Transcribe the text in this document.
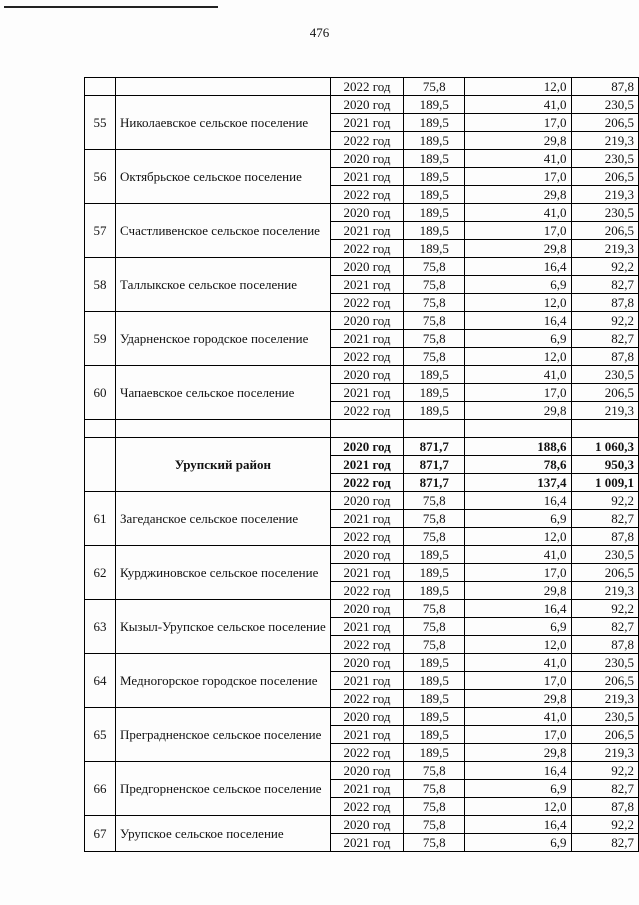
476
		2022 год	75,8	12,0	87,8
55	Николаевское сельское поселение	2020 год	189,5	41,0	230,5
		2021 год	189,5	17,0	206,5
		2022 год	189,5	29,8	219,3
56	Октябрьское сельское поселение	2020 год	189,5	41,0	230,5
		2021 год	189,5	17,0	206,5
		2022 год	189,5	29,8	219,3
57	Счастливенское сельское поселение	2020 год	189,5	41,0	230,5
		2021 год	189,5	17,0	206,5
		2022 год	189,5	29,8	219,3
58	Таллыкское сельское поселение	2020 год	75,8	16,4	92,2
		2021 год	75,8	6,9	82,7
		2022 год	75,8	12,0	87,8
59	Ударненское городское поселение	2020 год	75,8	16,4	92,2
		2021 год	75,8	6,9	82,7
		2022 год	75,8	12,0	87,8
60	Чапаевское сельское поселение	2020 год	189,5	41,0	230,5
		2021 год	189,5	17,0	206,5
		2022 год	189,5	29,8	219,3

	Урупский район	2020 год	871,7	188,6	1 060,3
		2021 год	871,7	78,6	950,3
		2022 год	871,7	137,4	1 009,1
61	Загеданское сельское поселение	2020 год	75,8	16,4	92,2
		2021 год	75,8	6,9	82,7
		2022 год	75,8	12,0	87,8
62	Курджиновское сельское поселение	2020 год	189,5	41,0	230,5
		2021 год	189,5	17,0	206,5
		2022 год	189,5	29,8	219,3
63	Кызыл-Урупское сельское поселение	2020 год	75,8	16,4	92,2
		2021 год	75,8	6,9	82,7
		2022 год	75,8	12,0	87,8
64	Медногорское городское поселение	2020 год	189,5	41,0	230,5
		2021 год	189,5	17,0	206,5
		2022 год	189,5	29,8	219,3
65	Преградненское сельское поселение	2020 год	189,5	41,0	230,5
		2021 год	189,5	17,0	206,5
		2022 год	189,5	29,8	219,3
66	Предгорненское сельское поселение	2020 год	75,8	16,4	92,2
		2021 год	75,8	6,9	82,7
		2022 год	75,8	12,0	87,8
67	Урупское сельское поселение	2020 год	75,8	16,4	92,2
		2021 год	75,8	6,9	82,7
